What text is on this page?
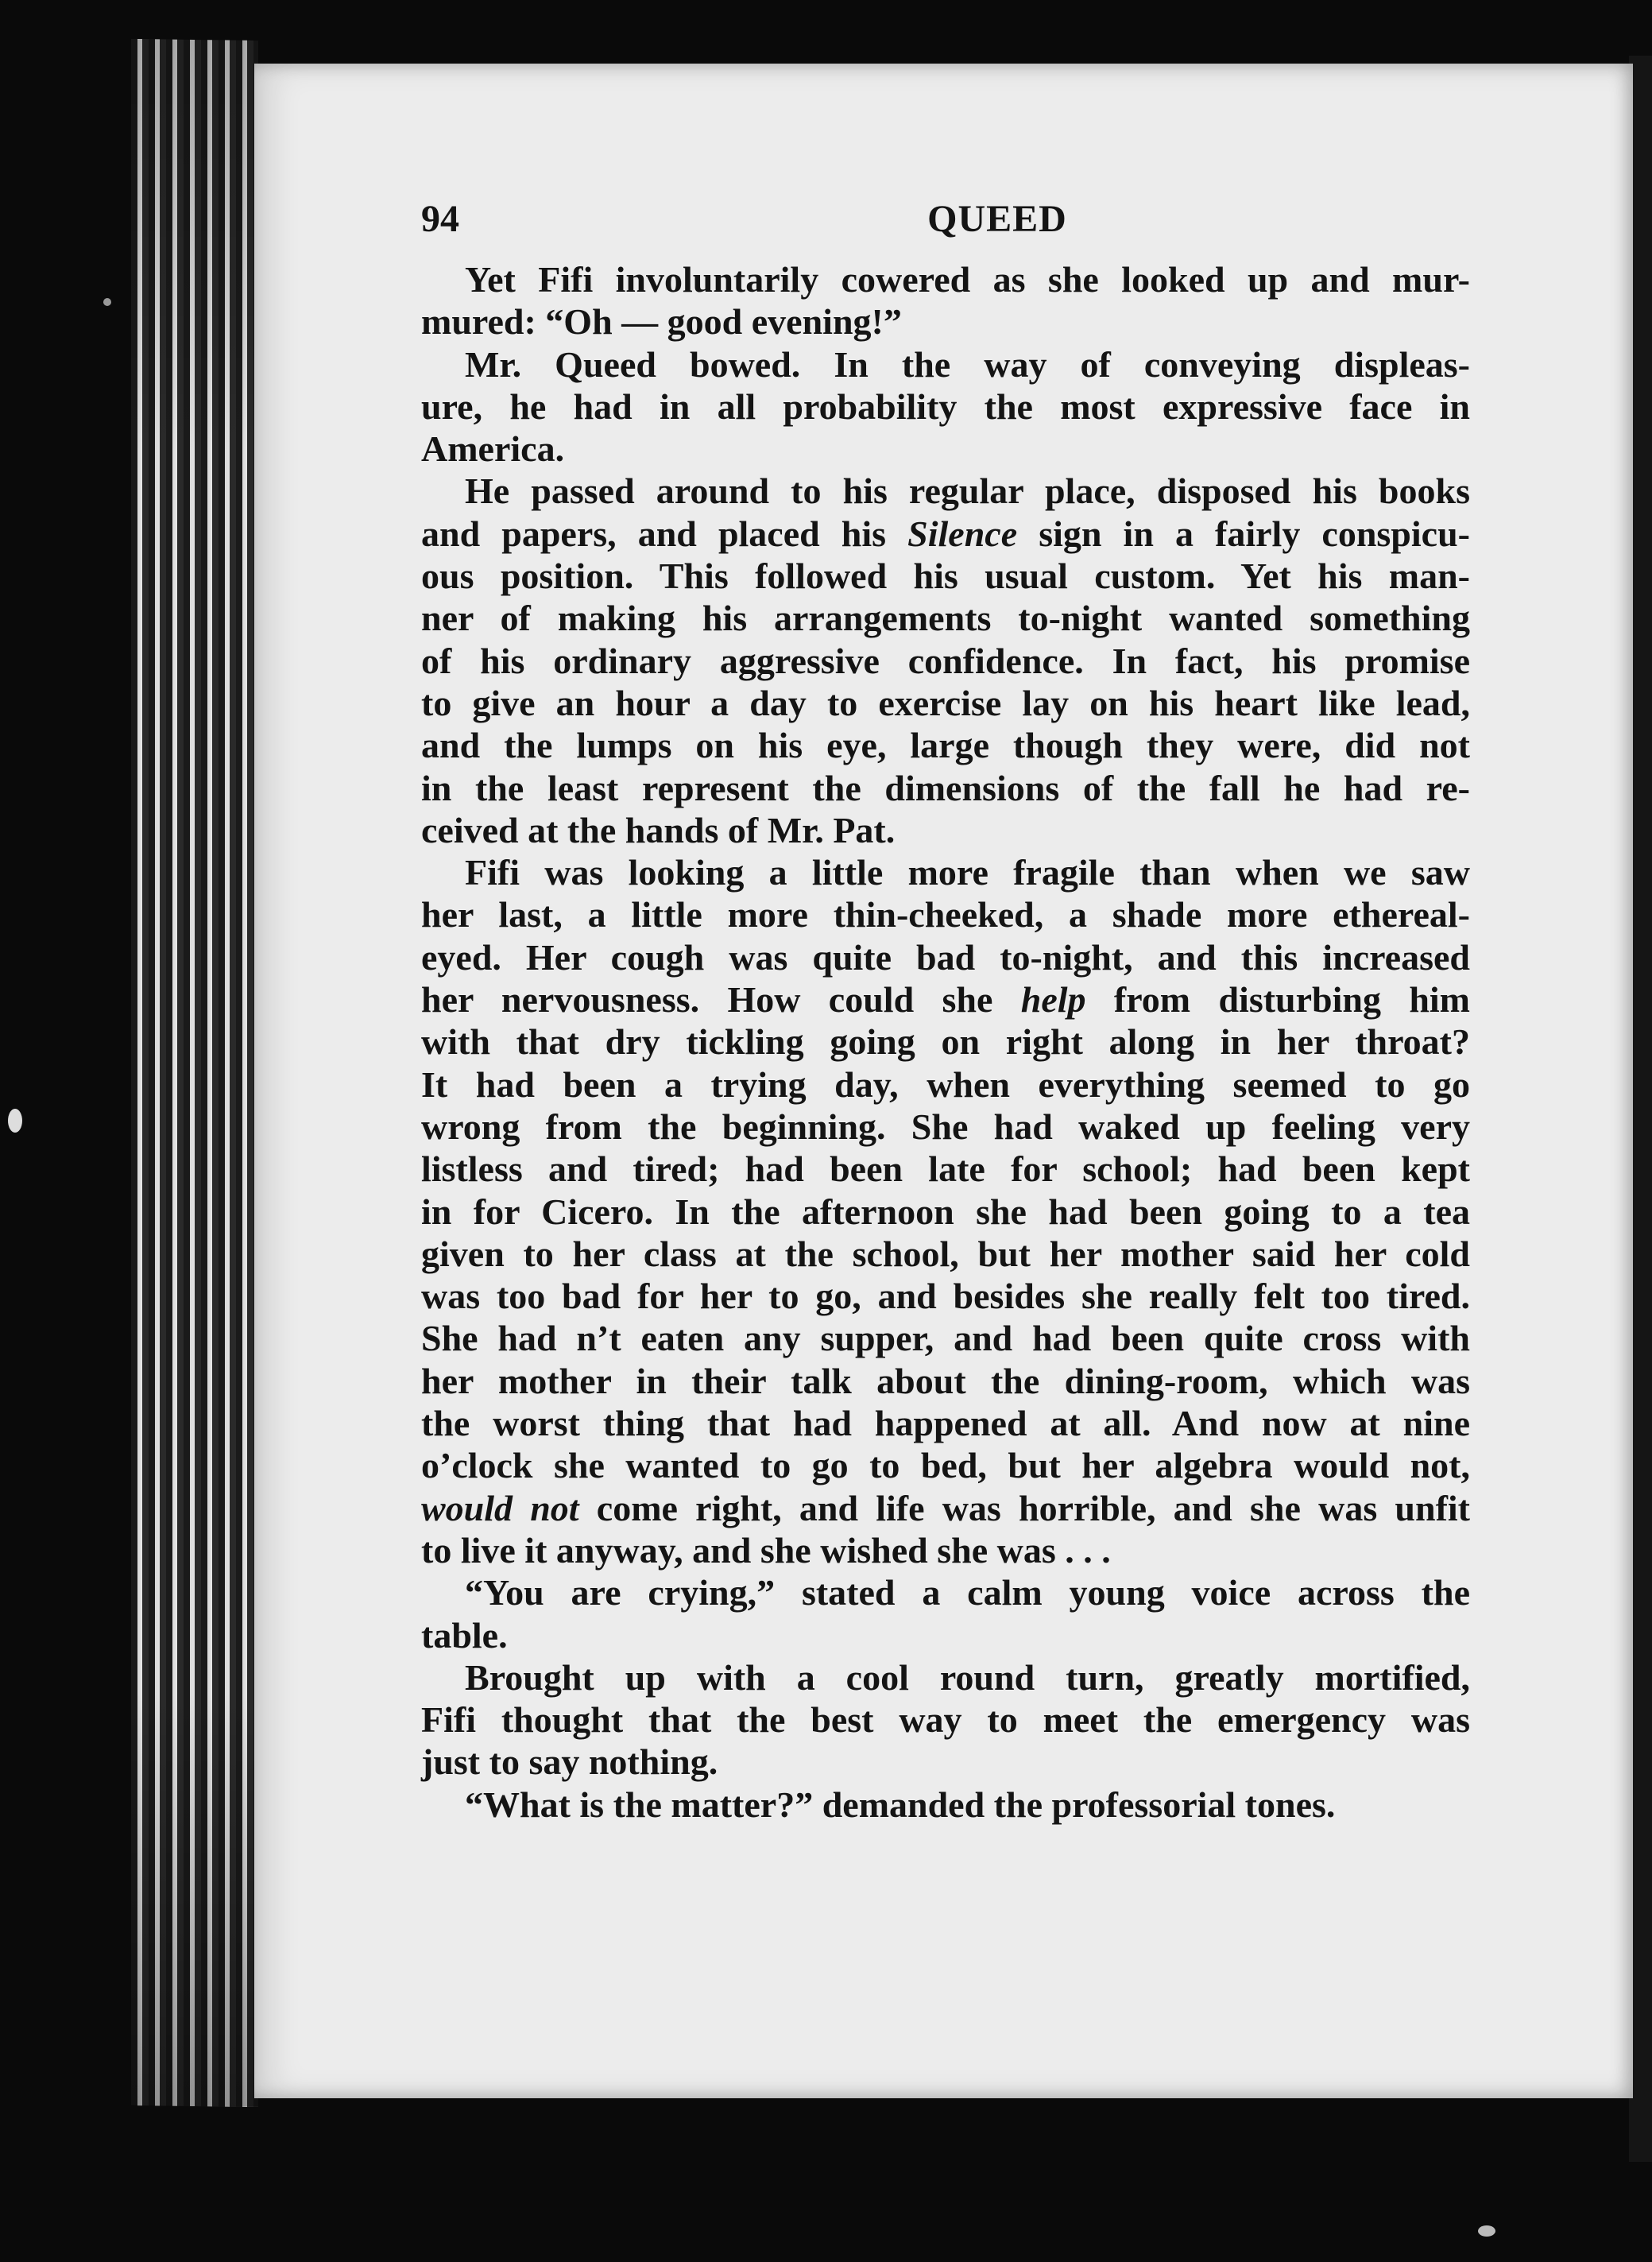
94	QUEED
Yet Fifi involuntarily cowered as she looked up and mur-
mured: “Oh — good evening!”
Mr. Queed bowed. In the way of conveying displeas-
ure, he had in all probability the most expressive face in
America.
He passed around to his regular place, disposed his books
and papers, and placed his Silence sign in a fairly conspicu-
ous position. This followed his usual custom. Yet his man-
ner of making his arrangements to-night wanted something
of his ordinary aggressive confidence. In fact, his promise
to give an hour a day to exercise lay on his heart like lead,
and the lumps on his eye, large though they were, did not
in the least represent the dimensions of the fall he had re-
ceived at the hands of Mr. Pat.
Fifi was looking a little more fragile than when we saw
her last, a little more thin-cheeked, a shade more ethereal-
eyed. Her cough was quite bad to-night, and this increased
her nervousness. How could she help from disturbing him
with that dry tickling going on right along in her throat?
It had been a trying day, when everything seemed to go
wrong from the beginning. She had waked up feeling very
listless and tired; had been late for school; had been kept
in for Cicero. In the afternoon she had been going to a tea
given to her class at the school, but her mother said her cold
was too bad for her to go, and besides she really felt too tired.
She had n’t eaten any supper, and had been quite cross with
her mother in their talk about the dining-room, which was
the worst thing that had happened at all. And now at nine
o’clock she wanted to go to bed, but her algebra would not,
would not come right, and life was horrible, and she was unfit
to live it anyway, and she wished she was . . .
“You are crying,” stated a calm young voice across the
table.
Brought up with a cool round turn, greatly mortified,
Fifi thought that the best way to meet the emergency was
just to say nothing.
“What is the matter?” demanded the professorial tones.
